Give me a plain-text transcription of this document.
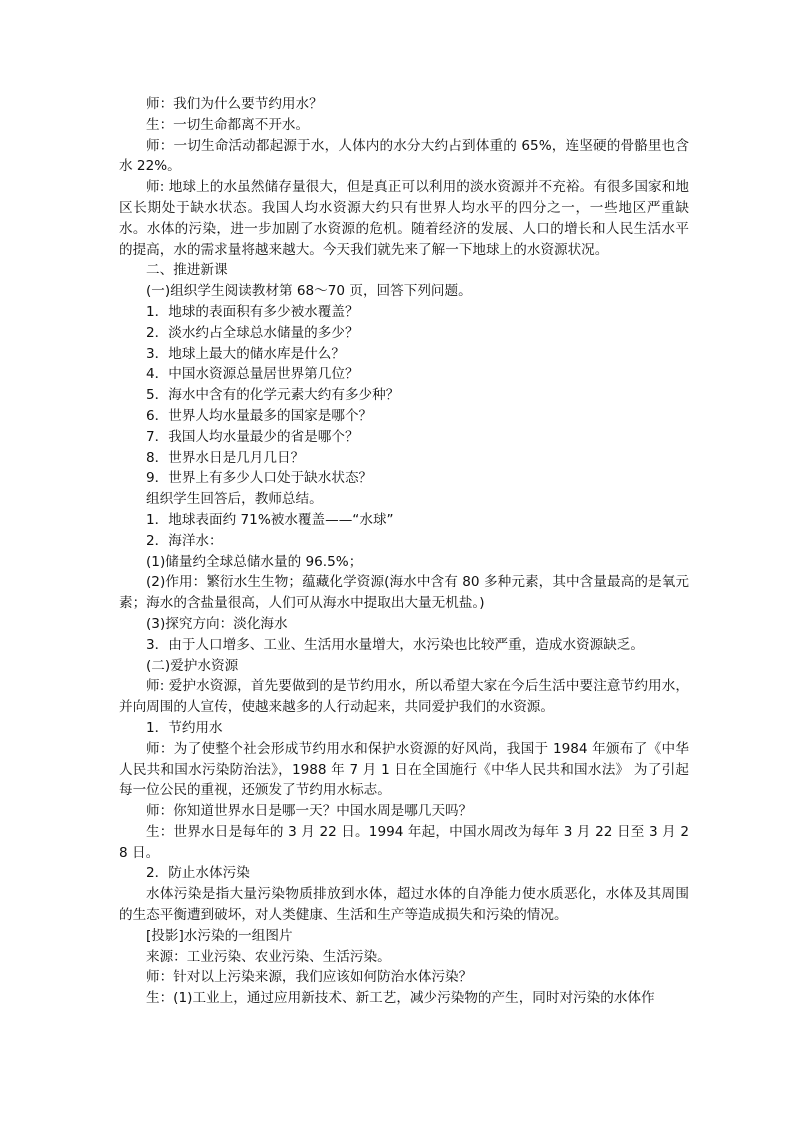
师：我们为什么要节约用水？

生：一切生命都离不开水。

师：一切生命活动都起源于水，人体内的水分大约占到体重的 65%，连坚硬的骨骼里也含水 22%。

师: 地球上的水虽然储存量很大，但是真正可以利用的淡水资源并不充裕。有很多国家和地区长期处于缺水状态。我国人均水资源大约只有世界人均水平的四分之一，一些地区严重缺水。水体的污染，进一步加剧了水资源的危机。随着经济的发展、人口的增长和人民生活水平的提高，水的需求量将越来越大。今天我们就先来了解一下地球上的水资源状况。

二、推进新课

(一)组织学生阅读教材第 68～70 页，回答下列问题。

1．地球的表面积有多少被水覆盖？

2．淡水约占全球总水储量的多少？

3．地球上最大的储水库是什么？

4．中国水资源总量居世界第几位？

5．海水中含有的化学元素大约有多少种？

6．世界人均水量最多的国家是哪个？

7．我国人均水量最少的省是哪个？

8．世界水日是几月几日？

9．世界上有多少人口处于缺水状态？

组织学生回答后，教师总结。

1．地球表面约 71%被水覆盖——“水球”

2．海洋水：

(1)储量约全球总储水量的 96.5%；

(2)作用：繁衍水生生物；蕴藏化学资源(海水中含有 80 多种元素，其中含量最高的是氧元素；海水的含盐量很高，人们可从海水中提取出大量无机盐。)

(3)探究方向：淡化海水

3．由于人口增多、工业、生活用水量增大，水污染也比较严重，造成水资源缺乏。

(二)爱护水资源

师: 爱护水资源，首先要做到的是节约用水，所以希望大家在今后生活中要注意节约用水，并向周围的人宣传，使越来越多的人行动起来，共同爱护我们的水资源。

1．节约用水

师：为了使整个社会形成节约用水和保护水资源的好风尚，我国于 1984 年颁布了《中华人民共和国水污染防治法》，1988 年 7 月 1 日在全国施行《中华人民共和国水法》 为了引起每一位公民的重视，还颁发了节约用水标志。

师：你知道世界水日是哪一天？中国水周是哪几天吗？

生：世界水日是每年的 3 月 22 日。1994 年起，中国水周改为每年 3 月 22 日至 3 月 28 日。

2．防止水体污染

水体污染是指大量污染物质排放到水体，超过水体的自净能力使水质恶化，水体及其周围的生态平衡遭到破坏，对人类健康、生活和生产等造成损失和污染的情况。

[投影]水污染的一组图片

来源：工业污染、农业污染、生活污染。

师：针对以上污染来源，我们应该如何防治水体污染？

生：(1)工业上，通过应用新技术、新工艺，减少污染物的产生，同时对污染的水体作
